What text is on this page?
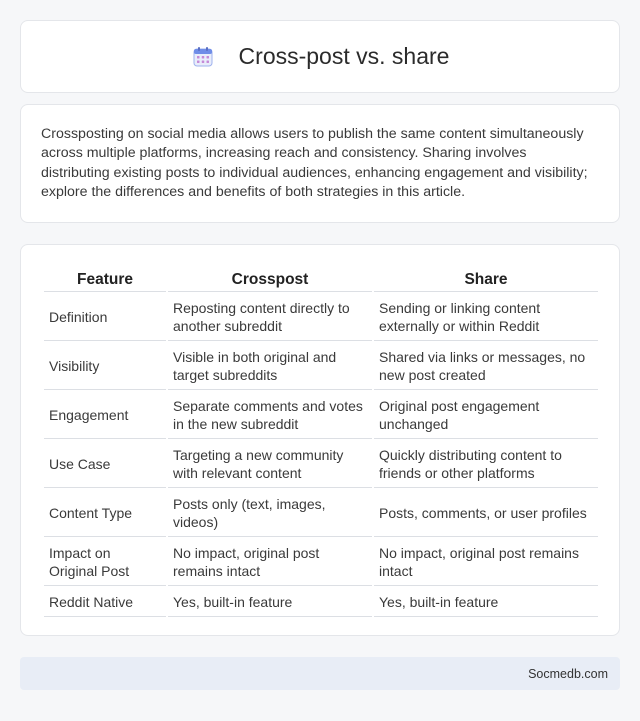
Cross-post vs. share

Crossposting on social media allows users to publish the same content simultaneously across multiple platforms, increasing reach and consistency. Sharing involves distributing existing posts to individual audiences, enhancing engagement and visibility; explore the differences and benefits of both strategies in this article.

Feature	Crosspost	Share
Definition	Reposting content directly to another subreddit	Sending or linking content externally or within Reddit
Visibility	Visible in both original and target subreddits	Shared via links or messages, no new post created
Engagement	Separate comments and votes in the new subreddit	Original post engagement unchanged
Use Case	Targeting a new community with relevant content	Quickly distributing content to friends or other platforms
Content Type	Posts only (text, images, videos)	Posts, comments, or user profiles
Impact on Original Post	No impact, original post remains intact	No impact, original post remains intact
Reddit Native	Yes, built-in feature	Yes, built-in feature
Socmedb.com
